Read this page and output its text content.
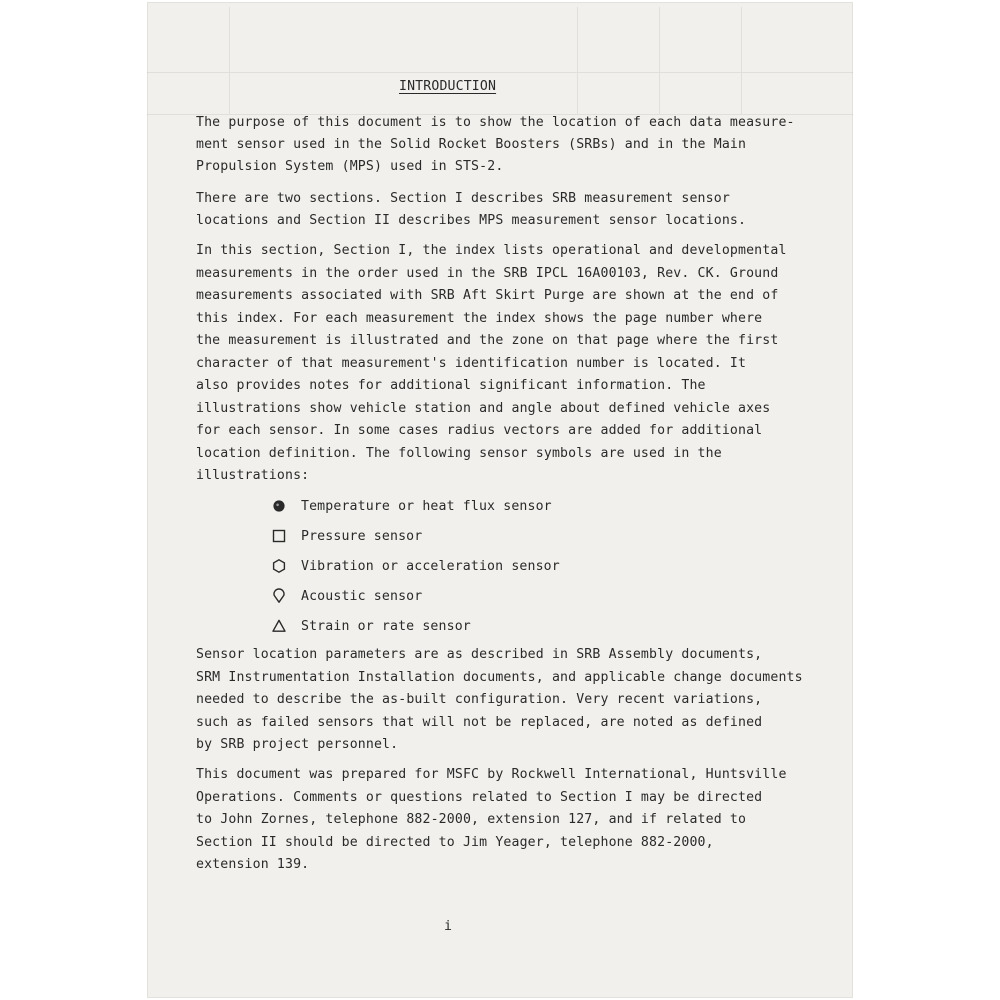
INTRODUCTION
The purpose of this document is to show the location of each data measure-
ment sensor used in the Solid Rocket Boosters (SRBs) and in the Main
Propulsion System (MPS) used in STS-2.
There are two sections. Section I describes SRB measurement sensor
locations and Section II describes MPS measurement sensor locations.
In this section, Section I, the index lists operational and developmental
measurements in the order used in the SRB IPCL 16A00103, Rev. CK. Ground
measurements associated with SRB Aft Skirt Purge are shown at the end of
this index. For each measurement the index shows the page number where
the measurement is illustrated and the zone on that page where the first
character of that measurement's identification number is located. It
also provides notes for additional significant information. The
illustrations show vehicle station and angle about defined vehicle axes
for each sensor. In some cases radius vectors are added for additional
location definition. The following sensor symbols are used in the
illustrations:
Temperature or heat flux sensor
Pressure sensor
Vibration or acceleration sensor
Acoustic sensor
Strain or rate sensor
Sensor location parameters are as described in SRB Assembly documents,
SRM Instrumentation Installation documents, and applicable change documents
needed to describe the as-built configuration. Very recent variations,
such as failed sensors that will not be replaced, are noted as defined
by SRB project personnel.
This document was prepared for MSFC by Rockwell International, Huntsville
Operations. Comments or questions related to Section I may be directed
to John Zornes, telephone 882-2000, extension 127, and if related to
Section II should be directed to Jim Yeager, telephone 882-2000,
extension 139.
i
